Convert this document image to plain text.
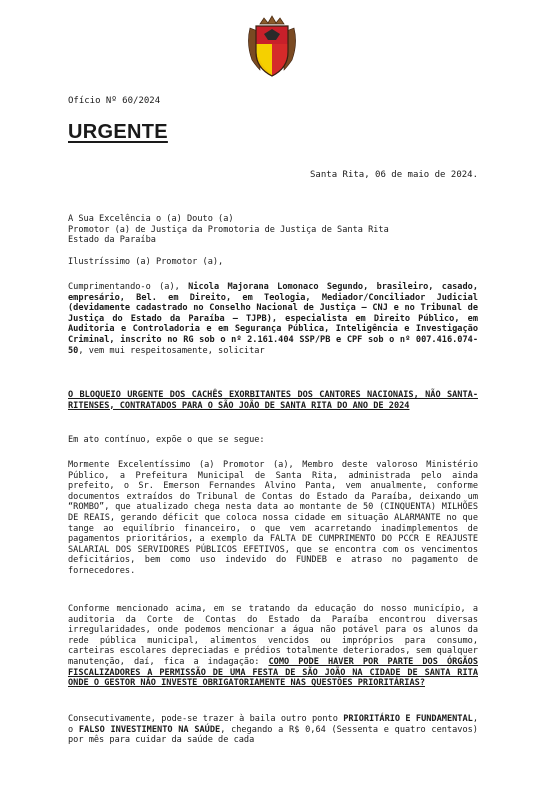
Ofício Nº 60/2024
URGENTE
Santa Rita, 06 de maio de 2024.

A Sua Excelência o (a) Douto (a)

Promotor (a) de Justiça da Promotoria de Justiça de Santa Rita

Estado da Paraíba

Ilustríssimo (a) Promotor (a),

Cumprimentando-o (a), Nicola Majorana Lomonaco Segundo, brasileiro, casado, empresário, Bel. em Direito, em Teologia, Mediador/Conciliador Judicial (devidamente cadastrado no Conselho Nacional de Justiça – CNJ e no Tribunal de Justiça do Estado da Paraíba – TJPB), especialista em Direito Público, em Auditoria e Controladoria e em Segurança Pública, Inteligência e Investigação Criminal, inscrito no RG sob o nº 2.161.404 SSP/PB e CPF sob o nº 007.416.074-50, vem mui respeitosamente, solicitar

O BLOQUEIO URGENTE DOS CACHÊS EXORBITANTES DOS CANTORES NACIONAIS, NÃO SANTA-RITENSES, CONTRATADOS PARA O SÃO JOÃO DE SANTA RITA DO ANO DE 2024

Em ato contínuo, expõe o que se segue:

Mormente Excelentíssimo (a) Promotor (a), Membro deste valoroso Ministério Público, a Prefeitura Municipal de Santa Rita, administrada pelo ainda prefeito, o Sr. Emerson Fernandes Alvino Panta, vem anualmente, conforme documentos extraídos do Tribunal de Contas do Estado da Paraíba, deixando um “ROMBO”, que atualizado chega nesta data ao montante de 50 (CINQUENTA) MILHÕES DE REAIS, gerando déficit que coloca nossa cidade em situação ALARMANTE no que tange ao equilíbrio financeiro, o que vem acarretando inadimplementos de pagamentos prioritários, a exemplo da FALTA DE CUMPRIMENTO DO PCCR E REAJUSTE SALARIAL DOS SERVIDORES PÚBLICOS EFETIVOS, que se encontra com os vencimentos deficitários, bem como uso indevido do FUNDEB e atraso no pagamento de fornecedores.

Conforme mencionado acima, em se tratando da educação do nosso município, a auditoria da Corte de Contas do Estado da Paraíba encontrou diversas irregularidades, onde podemos mencionar a água não potável para os alunos da rede pública municipal, alimentos vencidos ou impróprios para consumo, carteiras escolares depreciadas e prédios totalmente deteriorados, sem qualquer manutenção, daí, fica a indagação: COMO PODE HAVER POR PARTE DOS ÓRGÃOS FISCALIZADORES A PERMISSÃO DE UMA FESTA DE SÃO JOÃO NA CIDADE DE SANTA RITA ONDE O GESTOR NÃO INVESTE OBRIGATORIAMENTE NAS QUESTÕES PRIORITÁRIAS?

Consecutivamente, pode-se trazer à baila outro ponto PRIORITÁRIO E FUNDAMENTAL, o FALSO INVESTIMENTO NA SAÚDE, chegando a R$ 0,64 (Sessenta e quatro centavos) por mês para cuidar da saúde de cada
